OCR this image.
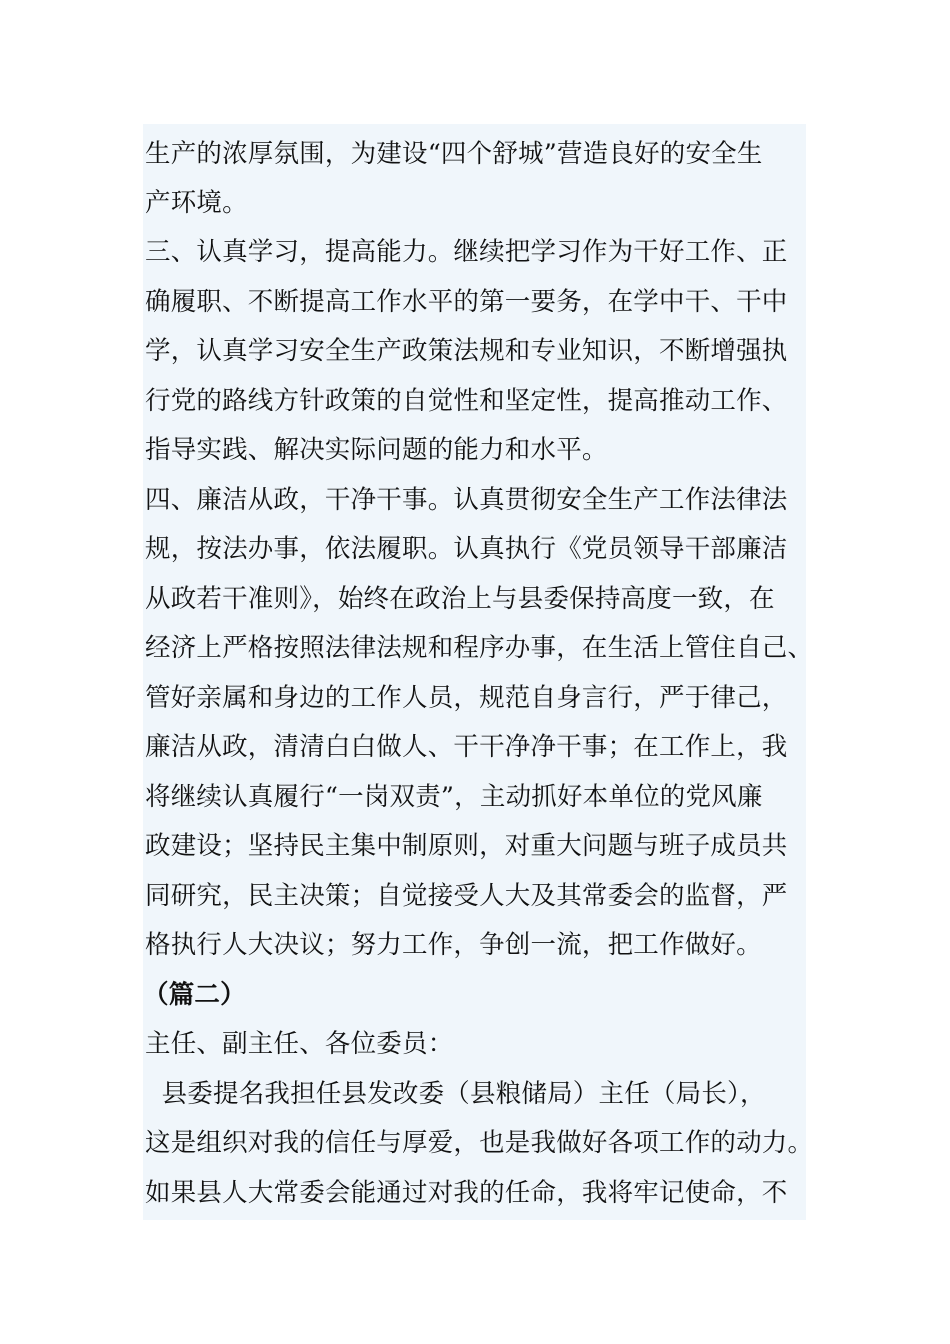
生产的浓厚氛围，为建设“四个舒城”营造良好的安全生
产环境。
三、认真学习，提高能力。继续把学习作为干好工作、正
确履职、不断提高工作水平的第一要务，在学中干、干中
学，认真学习安全生产政策法规和专业知识，不断增强执
行党的路线方针政策的自觉性和坚定性，提高推动工作、
指导实践、解决实际问题的能力和水平。
四、廉洁从政，干净干事。认真贯彻安全生产工作法律法
规，按法办事，依法履职。认真执行《党员领导干部廉洁
从政若干准则》，始终在政治上与县委保持高度一致，在
经济上严格按照法律法规和程序办事，在生活上管住自己、
管好亲属和身边的工作人员，规范自身言行，严于律己，
廉洁从政，清清白白做人、干干净净干事；在工作上，我
将继续认真履行“一岗双责”，主动抓好本单位的党风廉
政建设；坚持民主集中制原则，对重大问题与班子成员共
同研究，民主决策；自觉接受人大及其常委会的监督，严
格执行人大决议；努力工作，争创一流，把工作做好。
（篇二）
主任、副主任、各位委员：
县委提名我担任县发改委（县粮储局）主任（局长），
这是组织对我的信任与厚爱，也是我做好各项工作的动力。
如果县人大常委会能通过对我的任命，我将牢记使命，不
